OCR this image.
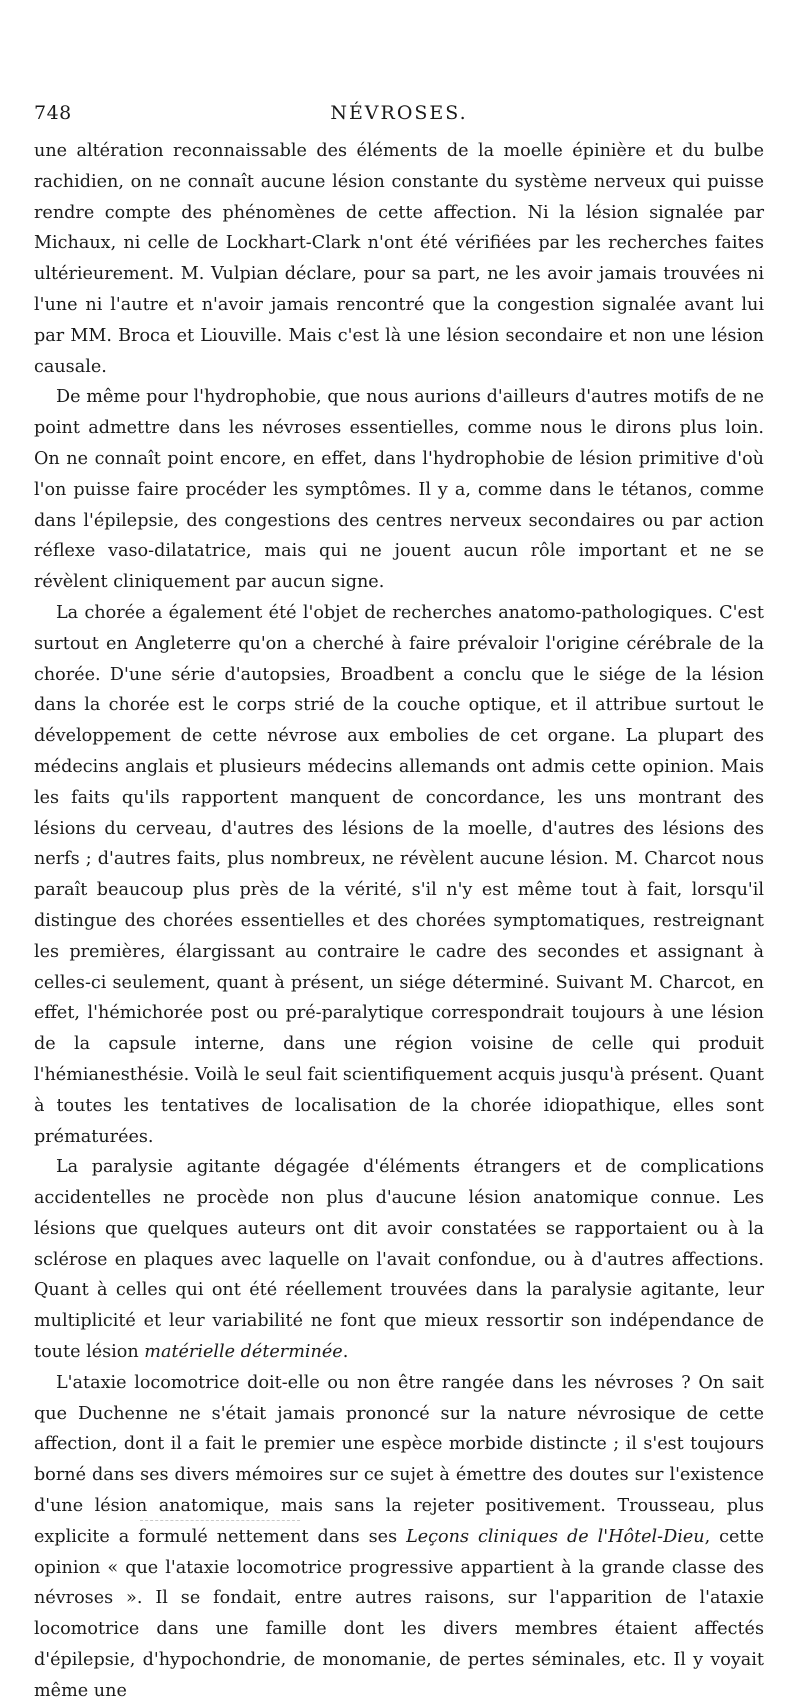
748	NÉVROSES.

une altération reconnaissable des éléments de la moelle épinière et du bulbe rachidien, on ne connaît aucune lésion constante du système nerveux qui puisse rendre compte des phénomènes de cette affection. Ni la lésion signalée par Michaux, ni celle de Lockhart-Clark n'ont été vérifiées par les recherches faites ultérieurement. M. Vulpian déclare, pour sa part, ne les avoir jamais trouvées ni l'une ni l'autre et n'avoir jamais rencontré que la congestion signalée avant lui par MM. Broca et Liouville. Mais c'est là une lésion secondaire et non une lésion causale.

De même pour l'hydrophobie, que nous aurions d'ailleurs d'autres motifs de ne point admettre dans les névroses essentielles, comme nous le dirons plus loin. On ne connaît point encore, en effet, dans l'hydrophobie de lésion primitive d'où l'on puisse faire procéder les symptômes. Il y a, comme dans le tétanos, comme dans l'épilepsie, des congestions des centres nerveux secondaires ou par action réflexe vaso-dilatatrice, mais qui ne jouent aucun rôle important et ne se révèlent cliniquement par aucun signe.

La chorée a également été l'objet de recherches anatomo-pathologiques. C'est surtout en Angleterre qu'on a cherché à faire prévaloir l'origine cérébrale de la chorée. D'une série d'autopsies, Broadbent a conclu que le siége de la lésion dans la chorée est le corps strié de la couche optique, et il attribue surtout le développement de cette névrose aux embolies de cet organe. La plupart des médecins anglais et plusieurs médecins allemands ont admis cette opinion. Mais les faits qu'ils rapportent manquent de concordance, les uns montrant des lésions du cerveau, d'autres des lésions de la moelle, d'autres des lésions des nerfs ; d'autres faits, plus nombreux, ne révèlent aucune lésion. M. Charcot nous paraît beaucoup plus près de la vérité, s'il n'y est même tout à fait, lorsqu'il distingue des chorées essentielles et des chorées symptomatiques, restreignant les premières, élargissant au contraire le cadre des secondes et assignant à celles-ci seulement, quant à présent, un siége déterminé. Suivant M. Charcot, en effet, l'hémichorée post ou pré-paralytique correspondrait toujours à une lésion de la capsule interne, dans une région voisine de celle qui produit l'hémianesthésie. Voilà le seul fait scientifiquement acquis jusqu'à présent. Quant à toutes les tentatives de localisation de la chorée idiopathique, elles sont prématurées.

La paralysie agitante dégagée d'éléments étrangers et de complications accidentelles ne procède non plus d'aucune lésion anatomique connue. Les lésions que quelques auteurs ont dit avoir constatées se rapportaient ou à la sclérose en plaques avec laquelle on l'avait confondue, ou à d'autres affections. Quant à celles qui ont été réellement trouvées dans la paralysie agitante, leur multiplicité et leur variabilité ne font que mieux ressortir son indépendance de toute lésion matérielle déterminée.

L'ataxie locomotrice doit-elle ou non être rangée dans les névroses ? On sait que Duchenne ne s'était jamais prononcé sur la nature névrosique de cette affection, dont il a fait le premier une espèce morbide distincte ; il s'est toujours borné dans ses divers mémoires sur ce sujet à émettre des doutes sur l'existence d'une lésion anatomique, mais sans la rejeter positivement. Trousseau, plus explicite a formulé nettement dans ses Leçons cliniques de l'Hôtel-Dieu, cette opinion « que l'ataxie locomotrice progressive appartient à la grande classe des névroses ». Il se fondait, entre autres raisons, sur l'apparition de l'ataxie locomotrice dans une famille dont les divers membres étaient affectés d'épilepsie, d'hypochondrie, de monomanie, de pertes séminales, etc. Il y voyait même une
